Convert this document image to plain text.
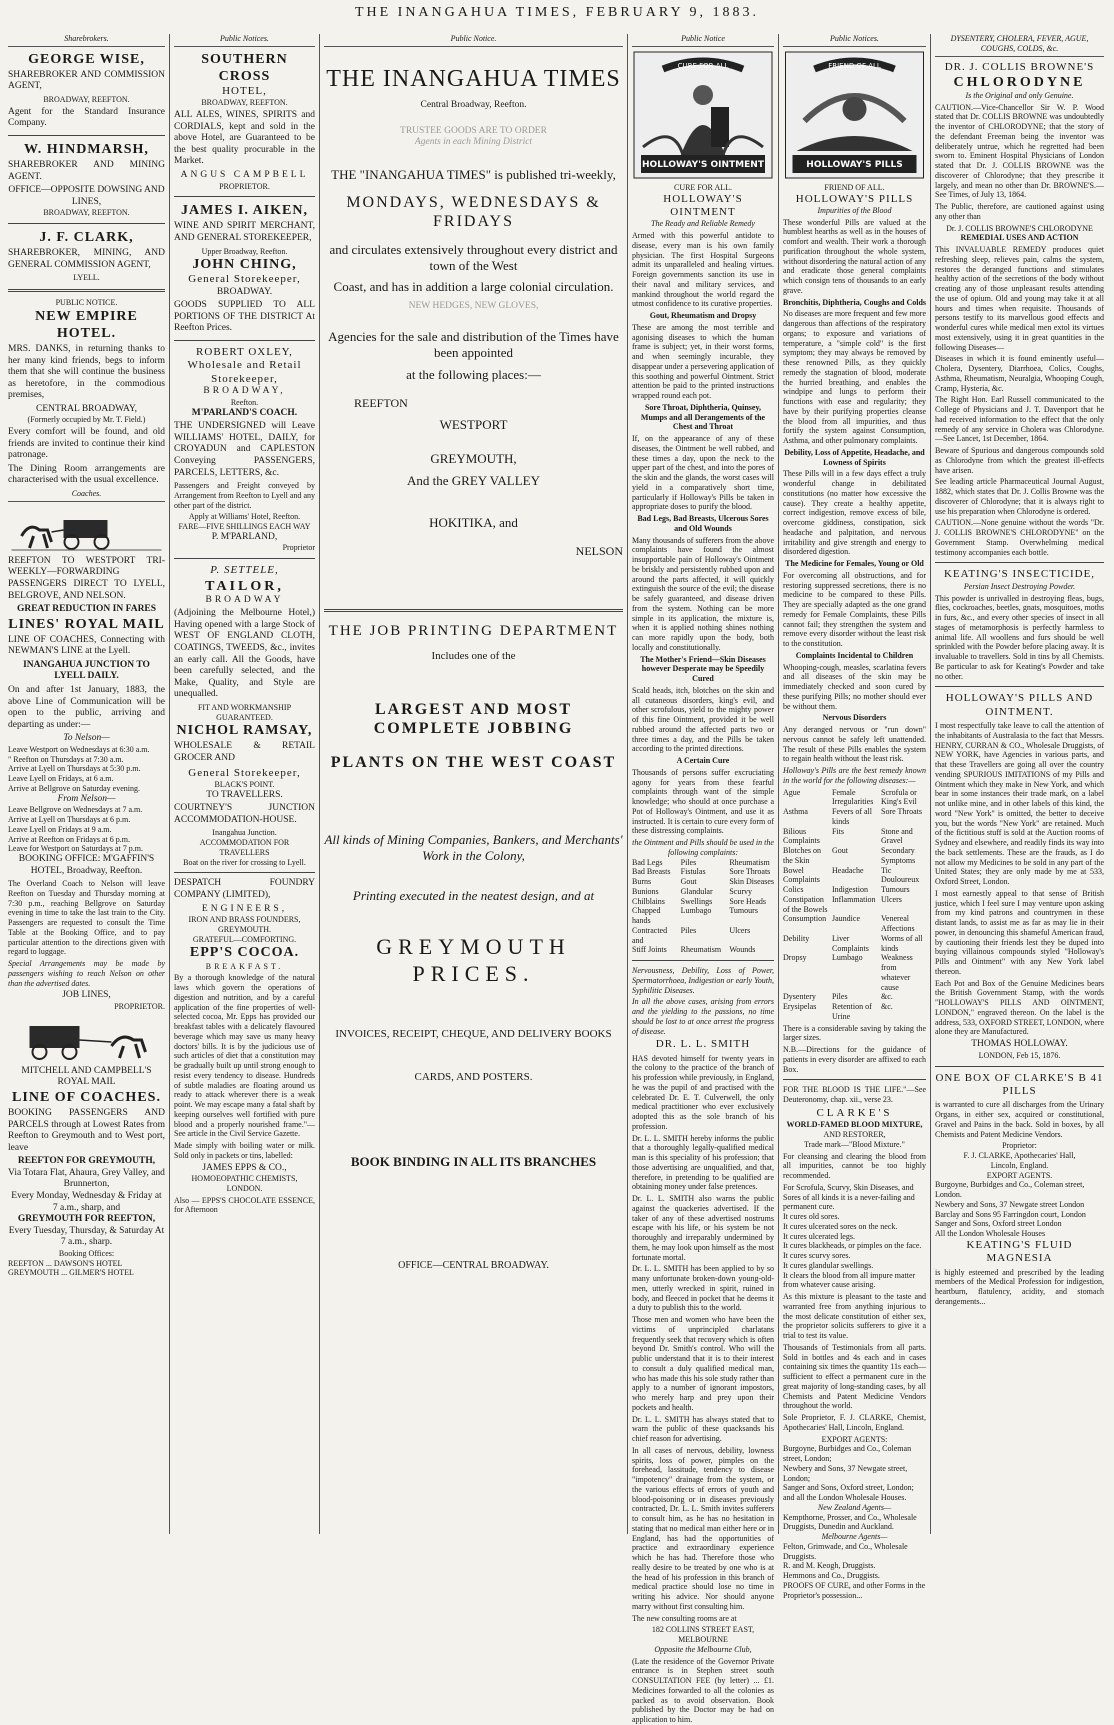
THE INANGAHUA TIMES, FEBRUARY 9, 1883.
Sharebrokers.
GEORGE WISE,

SHAREBROKER AND COMMISSION AGENT,

BROADWAY, REEFTON.

Agent for the Standard Insurance Company.

W. HINDMARSH,

SHAREBROKER AND MINING AGENT.

OFFICE—OPPOSITE DOWSING AND LINES,
BROADWAY, REEFTON.
J. F. CLARK,

SHAREBROKER, MINING, AND GENERAL COMMISSION AGENT,

LYELL.
PUBLIC NOTICE.
NEW EMPIRE HOTEL.

MRS. DANKS, in returning thanks to her many kind friends, begs to inform them that she will continue the business as heretofore, in the commodious premises,

CENTRAL BROADWAY,
(Formerly occupied by Mr. T. Field.)

Every comfort will be found, and old friends are invited to continue their kind patronage.

The Dining Room arrangements are characterised with the usual excellence.

Coaches.

REEFTON TO WESTPORT TRI-WEEKLY—FORWARDING PASSENGERS DIRECT TO LYELL, BELGROVE, AND NELSON.

GREAT REDUCTION IN FARES
LINES' ROYAL MAIL

LINE OF COACHES, Connecting with NEWMAN'S LINE at the Lyell.

INANGAHUA JUNCTION TO LYELL DAILY.

On and after 1st January, 1883, the above Line of Communication will be open to the public, arriving and departing as under:—

To Nelson—
Leave Westport on Wednesdays at 6:30 a.m.
" Reefton on Thursdays at 7:30 a.m.
Arrive at Lyell on Thursdays at 5:30 p.m.
Leave Lyell on Fridays, at 6 a.m.
Arrive at Bellgrove on Saturday evening.
From Nelson—
Leave Bellgrove on Wednesdays at 7 a.m.
Arrive at Lyell on Thursdays at 6 p.m.
Leave Lyell on Fridays at 9 a.m.
Arrive at Reefton on Fridays at 6 p.m.
Leave for Westport on Saturdays at 7 p.m.
BOOKING OFFICE: M'GAFFIN'S HOTEL, Broadway, Reefton.

The Overland Coach to Nelson will leave Reefton on Tuesday and Thursday morning at 7:30 p.m., reaching Bellgrove on Saturday evening in time to take the last train to the City. Passengers are requested to consult the Time Table at the Booking Office, and to pay particular attention to the directions given with regard to luggage.

Special Arrangements may be made by passengers wishing to reach Nelson on other than the advertised dates.

JOB LINES,
PROPRIETOR.
MITCHELL AND CAMPBELL'S
ROYAL MAIL
LINE OF COACHES.

BOOKING PASSENGERS AND PARCELS through at Lowest Rates from Reefton to Greymouth and to West port, leave

REEFTON FOR GREYMOUTH,
Via Totara Flat, Ahaura, Grey Valley, and Brunnerton,
Every Monday, Wednesday & Friday at 7 a.m., sharp, and
GREYMOUTH FOR REEFTON,
Every Tuesday, Thursday, & Saturday At 7 a.m., sharp.
Booking Offices:
REEFTON ... DAWSON'S HOTEL
GREYMOUTH ... GILMER'S HOTEL
Public Notices.
SOUTHERN CROSS
HOTEL,
BROADWAY, REEFTON.

ALL ALES, WINES, SPIRITS and CORDIALS, kept and sold in the above Hotel, are Guaranteed to be the best quality procurable in the Market.

ANGUS CAMPBELL
PROPRIETOR.
JAMES I. AIKEN,

WINE AND SPIRIT MERCHANT, AND GENERAL STOREKEEPER,

Upper Broadway, Reefton.
JOHN CHING,
General Storekeeper,
BROADWAY.

GOODS SUPPLIED TO ALL PORTIONS OF THE DISTRICT At Reefton Prices.

ROBERT OXLEY,
Wholesale and Retail Storekeeper,
BROADWAY,
Reefton.
M'PARLAND'S COACH.

THE UNDERSIGNED will Leave WILLIAMS' HOTEL, DAILY, for CROYADUN and CAPLESTON Conveying PASSENGERS, PARCELS, LETTERS, &c.

Passengers and Freight conveyed by Arrangement from Reefton to Lyell and any other part of the district.

Apply at Williams' Hotel, Reefton.
FARE—FIVE SHILLINGS EACH WAY
P. M'PARLAND,
Proprietor
P. SETTELE,
TAILOR,
BROADWAY

(Adjoining the Melbourne Hotel,) Having opened with a large Stock of WEST OF ENGLAND CLOTH, COATINGS, TWEEDS, &c., invites an early call. All the Goods, have been carefully selected, and the Make, Quality, and Style are unequalled.

FIT AND WORKMANSHIP GUARANTEED.
NICHOL RAMSAY,

WHOLESALE & RETAIL GROCER AND

General Storekeeper,
BLACK'S POINT.
TO TRAVELLERS.

COURTNEY'S JUNCTION ACCOMMODATION-HOUSE.

Inangahua Junction.
ACCOMMODATION FOR TRAVELLERS
Boat on the river for crossing to Lyell.

DESPATCH FOUNDRY COMPANY (LIMITED),

ENGINEERS,
IRON AND BRASS FOUNDERS,
GREYMOUTH.
GRATEFUL—COMFORTING.
EPP'S COCOA.
BREAKFAST.

By a thorough knowledge of the natural laws which govern the operations of digestion and nutrition, and by a careful application of the fine properties of well-selected cocoa, Mr. Epps has provided our breakfast tables with a delicately flavoured beverage which may save us many heavy doctors' bills. It is by the judicious use of such articles of diet that a constitution may be gradually built up until strong enough to resist every tendency to disease. Hundreds of subtle maladies are floating around us ready to attack wherever there is a weak point. We may escape many a fatal shaft by keeping ourselves well fortified with pure blood and a properly nourished frame."—See article in the Civil Service Gazette.

Made simply with boiling water or milk. Sold only in packets or tins, labelled:

JAMES EPPS & CO.,
HOMOEOPATHIC CHEMISTS,
LONDON.

Also — EPPS'S CHOCOLATE ESSENCE, for Afternoon

Public Notice.
THE INANGAHUA TIMES
Central Broadway, Reefton.
TRUSTEE GOODS ARE TO ORDER
Agents in each Mining District
THE "INANGAHUA TIMES" is published tri-weekly,
MONDAYS, WEDNESDAYS & FRIDAYS
and circulates extensively throughout every district and town of the West
Coast, and has in addition a large colonial circulation.
NEW HEDGES, NEW GLOVES,
Agencies for the sale and distribution of the Times have been appointed
at the following places:—
REEFTON
WESTPORT
GREYMOUTH,
And the GREY VALLEY
HOKITIKA, and
NELSON
THE JOB PRINTING DEPARTMENT
Includes one of the
LARGEST AND MOST COMPLETE JOBBING
PLANTS ON THE WEST COAST
All kinds of Mining Companies, Bankers, and Merchants' Work in the Colony,
Printing executed in the neatest design, and at
GREYMOUTH PRICES.
INVOICES, RECEIPT, CHEQUE, AND DELIVERY BOOKS
CARDS, AND POSTERS.
BOOK BINDING IN ALL ITS BRANCHES
OFFICE—CENTRAL BROADWAY.
Public Notice
CURE FOR ALL
HOLLOWAY'S OINTMENT
CURE FOR ALL.
HOLLOWAY'S OINTMENT
The Ready and Reliable Remedy

Armed with this powerful antidote to disease, every man is his own family physician. The first Hospital Surgeons admit its unparalleled and healing virtues. Foreign governments sanction its use in their naval and military services, and mankind throughout the world regard the utmost confidence to its curative properties.

Gout, Rheumatism and Dropsy

These are among the most terrible and agonising diseases to which the human frame is subject; yet, in their worst forms, and when seemingly incurable, they disappear under a persevering application of this soothing and powerful Ointment. Strict attention be paid to the printed instructions wrapped round each pot.

Sore Throat, Diphtheria, Quinsey, Mumps and all Derangements of the Chest and Throat

If, on the appearance of any of these diseases, the Ointment be well rubbed, and these times a day, upon the neck to the upper part of the chest, and into the pores of the skin and the glands, the worst cases will yield in a comparatively short time, particularly if Holloway's Pills be taken in appropriate doses to purify the blood.

Bad Legs, Bad Breasts, Ulcerous Sores and Old Wounds

Many thousands of sufferers from the above complaints have found the almost insupportable pain of Holloway's Ointment be briskly and persistently rubbed upon and around the parts affected, it will quickly extinguish the source of the evil; the disease be safely guaranteed, and disease driven from the system. Nothing can be more simple in its application, the mixture is, when it is applied nothing shines nothing can more rapidly upon the body, both locally and constitutionally.

The Mother's Friend—Skin Diseases however Desperate may be Speedily Cured

Scald heads, itch, blotches on the skin and all cutaneous disorders, king's evil, and other scrofulous, yield to the mighty power of this fine Ointment, provided it be well rubbed around the affected parts two or three times a day, and the Pills be taken according to the printed directions.

A Certain Cure

Thousands of persons suffer excruciating agony for years from these fearful complaints through want of the simple knowledge; who should at once purchase a Pot of Holloway's Ointment, and use it as instructed. It is certain to cure every form of these distressing complaints.

the Ointment and Pills should be used in the following complaints:
Bad Legs	Piles	Rheumatism
Bad Breasts	Fistulas	Sore Throats
Burns	Gout	Skin Diseases
Bunions	Glandular	Scurvy
Chilblains	Swellings	Sore Heads
Chapped hands
Lumbago	Tumours
Contracted and
Piles	Ulcers
Stiff Joints	Rheumatism	Wounds

Nervousness, Debility, Loss of Power, Spermatorrhoea, Indigestion or early Youth, Syphilitic Diseases.

In all the above cases, arising from errors and the yielding to the passions, no time should be lost to at once arrest the progress of disease.

DR. L. L. SMITH

HAS devoted himself for twenty years in the colony to the practice of the branch of his profession while previously, in England, he was the pupil of and practised with the celebrated Dr. E. T. Culverwell, the only medical practitioner who ever exclusively adopted this as the sole branch of his profession.

Dr. L. L. SMITH hereby informs the public that a thoroughly legally-qualified medical man is this speciality of his profession; that those advertising are unqualified, and that, therefore, in pretending to be qualified are obtaining money under false pretences.

Dr. L. L. SMITH also warns the public against the quackeries advertised. If the taker of any of these advertised nostrums escape with his life, or his system be not thoroughly and irreparably undermined by them, he may look upon himself as the most fortunate mortal.

Dr. L. L. SMITH has been applied to by so many unfortunate broken-down young-old-men, utterly wrecked in spirit, ruined in body, and fleeced in pocket that he deems it a duty to publish this to the world.

Those men and women who have been the victims of unprincipled charlatans frequently seek that recovery which is often beyond Dr. Smith's control. Who will the public understand that it is to their interest to consult a duly qualified medical man, who has made this his sole study rather than apply to a number of ignorant impostors, who merely harp and prey upon their pockets and health.

Dr. L. L. SMITH has always stated that to warn the public of these quacksands his chief reason for advertising.

In all cases of nervous, debility, lowness spirits, loss of power, pimples on the forehead, lassitude, tendency to disease "impotency" drainage from the system, or the various effects of errors of youth and blood-poisoning or in diseases previously contracted, Dr. L. L. Smith invites sufferers to consult him, as he has no hesitation in stating that no medical man either here or in England, has had the opportunities of practice and extraordinary experience which he has had. Therefore those who really desire to be treated by one who is at the head of his profession in this branch of medical practice should lose no time in writing his advice. Nor should anyone marry without first consulting him.

The new consulting rooms are at

182 COLLINS STREET EAST, MELBOURNE
Opposite the Melbourne Club,

(Late the residence of the Governor Private entrance is in Stephen street south CONSULTATION FEE (by letter) ... £1. Medicines forwarded to all the colonies as packed as to avoid observation. Book published by the Doctor may be had on application to him.

Public Notices.
FRIEND OF ALL
HOLLOWAY'S PILLS
FRIEND OF ALL.
HOLLOWAY'S PILLS
Impurities of the Blood

These wonderful Pills are valued at the humblest hearths as well as in the houses of comfort and wealth. Their work a thorough purification throughout the whole system, without disordering the natural action of any and eradicate those general complaints which consign tens of thousands to an early grave.

Bronchitis, Diphtheria, Coughs and Colds

No diseases are more frequent and few more dangerous than affections of the respiratory organs; to exposure and variations of temperature, a "simple cold" is the first symptom; they may always be removed by these renowned Pills, as they quickly remedy the stagnation of blood, moderate the hurried breathing, and enables the windpipe and lungs to perform their functions with ease and regularity; they have by their purifying properties cleanse the blood from all impurities, and thus fortify the system against Consumption, Asthma, and other pulmonary complaints.

Debility, Loss of Appetite, Headache, and Lowness of Spirits

These Pills will in a few days effect a truly wonderful change in debilitated constitutions (no matter how excessive the cause). They create a healthy appetite, correct indigestion, remove excess of bile, overcome giddiness, constipation, sick headache and palpitation, and nervous irritability and give strength and energy to disordered digestion.

The Medicine for Females, Young or Old

For overcoming all obstructions, and for restoring suppressed secretions, there is no medicine to be compared to these Pills. They are specially adapted as the one grand remedy for Female Complaints, these Pills cannot fail; they strengthen the system and remove every disorder without the least risk to the constitution.

Complaints Incidental to Children

Whooping-cough, measles, scarlatina fevers and all diseases of the skin may be immediately checked and soon cured by these purifying Pills; no mother should ever be without them.

Nervous Disorders

Any deranged nervous or "run down" nervous cannot be safely left unattended. The result of these Pills enables the system to regain health without the least risk.

Holloway's Pills are the best remedy known in the world for the following diseases:—

Ague	Female Irregularities
Scrofula or King's Evil
Asthma	Fevers of all kinds
Sore Throats
Bilious Complaints
Fits	Stone and Gravel
Blotches on the Skin
Gout	Secondary Symptoms
Bowel Complaints
Headache	Tic Douloureux
Colics	Indigestion	Tumours
Constipation of the Bowels
Inflammation Ulcers
Consumption Jaundice	Venereal Affections
Debility	Liver Complaints
Worms of all kinds
Dropsy	Lumbago	Weakness from whatever cause
Dysentery	Piles	&c.
Erysipelas	Retention of Urine
&c.

There is a considerable saving by taking the larger sizes.

N.B.—Directions for the guidance of patients in every disorder are affixed to each Box.

FOR THE BLOOD IS THE LIFE."—See Deuteronomy, chap. xii., verse 23.

CLARKE'S
WORLD-FAMED BLOOD MIXTURE,
AND RESTORER,
Trade mark—"Blood Mixture."

For cleansing and clearing the blood from all impurities, cannot be too highly recommended.

For Scrofula, Scurvy, Skin Diseases, and Sores of all kinds it is a never-failing and permanent cure.
It cures old sores.
It cures ulcerated sores on the neck.
It cures ulcerated legs.
It cures blackheads, or pimples on the face.
It cures scurvy sores.
It cures glandular swellings.
It clears the blood from all impure matter from whatever cause arising.

As this mixture is pleasant to the taste and warranted free from anything injurious to the most delicate constitution of either sex, the proprietor solicits sufferers to give it a trial to test its value.

Thousands of Testimonials from all parts. Sold in bottles and 4s each and in cases containing six times the quantity 11s each—sufficient to effect a permanent cure in the great majority of long-standing cases, by all Chemists and Patent Medicine Vendors throughout the world.

Sole Proprietor, F. J. CLARKE, Chemist, Apothecaries' Hall, Lincoln, England.

EXPORT AGENTS:
Burgoyne, Burbidges and Co., Coleman street, London;
Newbery and Sons, 37 Newgate street, London;
Sanger and Sons, Oxford street, London; and all the London Wholesale Houses.
New Zealand Agents—
Kempthorne, Prosser, and Co., Wholesale Druggists, Dunedin and Auckland.
Melbourne Agents—
Felton, Grimwade, and Co., Wholesale Druggists.
R. and M. Keogh, Druggists.
Hemmons and Co., Druggists.
PROOFS OF CURE, and other Forms in the Proprietor's possession...
DYSENTERY, CHOLERA, FEVER, AGUE, COUGHS, COLDS, &c.
DR. J. COLLIS BROWNE'S
CHLORODYNE
Is the Original and only Genuine.

CAUTION.—Vice-Chancellor Sir W. P. Wood stated that Dr. COLLIS BROWNE was undoubtedly the inventor of CHLORODYNE; that the story of the defendant Freeman being the inventor was deliberately untrue, which he regretted had been sworn to. Eminent Hospital Physicians of London stated that Dr. J. COLLIS BROWNE was the discoverer of Chlorodyne; that they prescribe it largely, and mean no other than Dr. BROWNE'S.—See Times, of July 13, 1864.

The Public, therefore, are cautioned against using any other than

Dr. J. COLLIS BROWNE'S CHLORODYNE
REMEDIAL USES AND ACTION

This INVALUABLE REMEDY produces quiet refreshing sleep, relieves pain, calms the system, restores the deranged functions and stimulates healthy action of the secretions of the body without creating any of those unpleasant results attending the use of opium. Old and young may take it at all hours and times when requisite. Thousands of persons testify to its marvellous good effects and wonderful cures while medical men extol its virtues most extensively, using it in great quantities in the following Diseases—

Diseases in which it is found eminently useful—Cholera, Dysentery, Diarrhoea, Colics, Coughs, Asthma, Rheumatism, Neuralgia, Whooping Cough, Cramp, Hysteria, &c.

The Right Hon. Earl Russell communicated to the College of Physicians and J. T. Davenport that he had received information to the effect that the only remedy of any service in Cholera was Chlorodyne.—See Lancet, 1st December, 1864.

Beware of Spurious and dangerous compounds sold as Chlorodyne from which the greatest ill-effects have arisen.

See leading article Pharmaceutical Journal August, 1882, which states that Dr. J. Collis Browne was the discoverer of Chlorodyne; that it is always right to use his preparation when Chlorodyne is ordered.

CAUTION.—None genuine without the words "Dr. J. COLLIS BROWNE'S CHLORODYNE" on the Government Stamp. Overwhelming medical testimony accompanies each bottle.

KEATING'S INSECTICIDE,
Persian Insect Destroying Powder.

This powder is unrivalled in destroying fleas, bugs, flies, cockroaches, beetles, gnats, mosquitoes, moths in furs, &c., and every other species of insect in all stages of metamorphosis is perfectly harmless to animal life. All woollens and furs should be well sprinkled with the Powder before placing away. It is invaluable to travellers. Sold in tins by all Chemists. Be particular to ask for Keating's Powder and take no other.

HOLLOWAY'S PILLS AND OINTMENT.

I most respectfully take leave to call the attention of the inhabitants of Australasia to the fact that Messrs. HENRY, CURRAN & CO., Wholesale Druggists, of NEW YORK, have Agencies in various parts, and that these Travellers are going all over the country vending SPURIOUS IMITATIONS of my Pills and Ointment which they make in New York, and which bear in some instances their trade mark, on a label not unlike mine, and in other labels of this kind, the word "New York" is omitted, the better to deceive you, but the words "New York" are retained. Much of the fictitious stuff is sold at the Auction rooms of Sydney and elsewhere, and readily finds its way into the back settlements. These are the frauds, as I do not allow my Medicines to be sold in any part of the United States; they are only made by me at 533, Oxford Street, London.

I most earnestly appeal to that sense of British justice, which I feel sure I may venture upon asking from my kind patrons and countrymen in these distant lands, to assist me as far as may lie in their power, in denouncing this shameful American fraud, by cautioning their friends lest they be duped into buying villainous compounds styled "Holloway's Pills and Ointment" with any New York label thereon.

Each Pot and Box of the Genuine Medicines bears the British Government Stamp, with the words "HOLLOWAY'S PILLS AND OINTMENT, LONDON," engraved thereon. On the label is the address, 533, OXFORD STREET, LONDON, where alone they are Manufactured.

THOMAS HOLLOWAY.
LONDON, Feb 15, 1876.
ONE BOX OF CLARKE'S B 41 PILLS

is warranted to cure all discharges from the Urinary Organs, in either sex, acquired or constitutional, Gravel and Pains in the back. Sold in boxes, by all Chemists and Patent Medicine Vendors.

Proprietor:
F. J. CLARKE, Apothecaries' Hall,
Lincoln, England.
EXPORT AGENTS.
Burgoyne, Burbidges and Co., Coleman street, London.
Newbery and Sons, 37 Newgate street London
Barclay and Sons 95 Farringdon court, London
Sanger and Sons, Oxford street London
All the London Wholesale Houses
KEATING'S FLUID MAGNESIA

is highly esteemed and prescribed by the leading members of the Medical Profession for indigestion, heartburn, flatulency, acidity, and stomach derangements...
